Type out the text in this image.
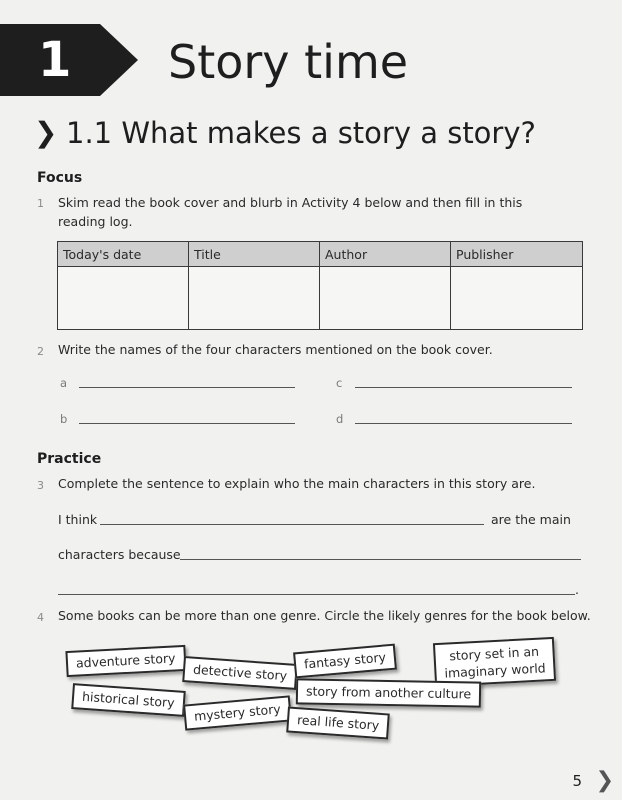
1 Story time
❯ 1.1 What makes a story a story?
Focus
1 Skim read the book cover and blurb in Activity 4 below and then fill in this
reading log.
Today's date	Title	Author	Publisher

2 Write the names of the four characters mentioned on the book cover.
a	c
b	d
Practice
3 Complete the sentence to explain who the main characters in this story are.
I think	are the main
characters because
.
4 Some books can be more than one genre. Circle the likely genres for the book below.
adventure story
detective story
fantasy story	story set in an
imaginary world
historical story
mystery story
story from another culture
real life story
5 ❯
